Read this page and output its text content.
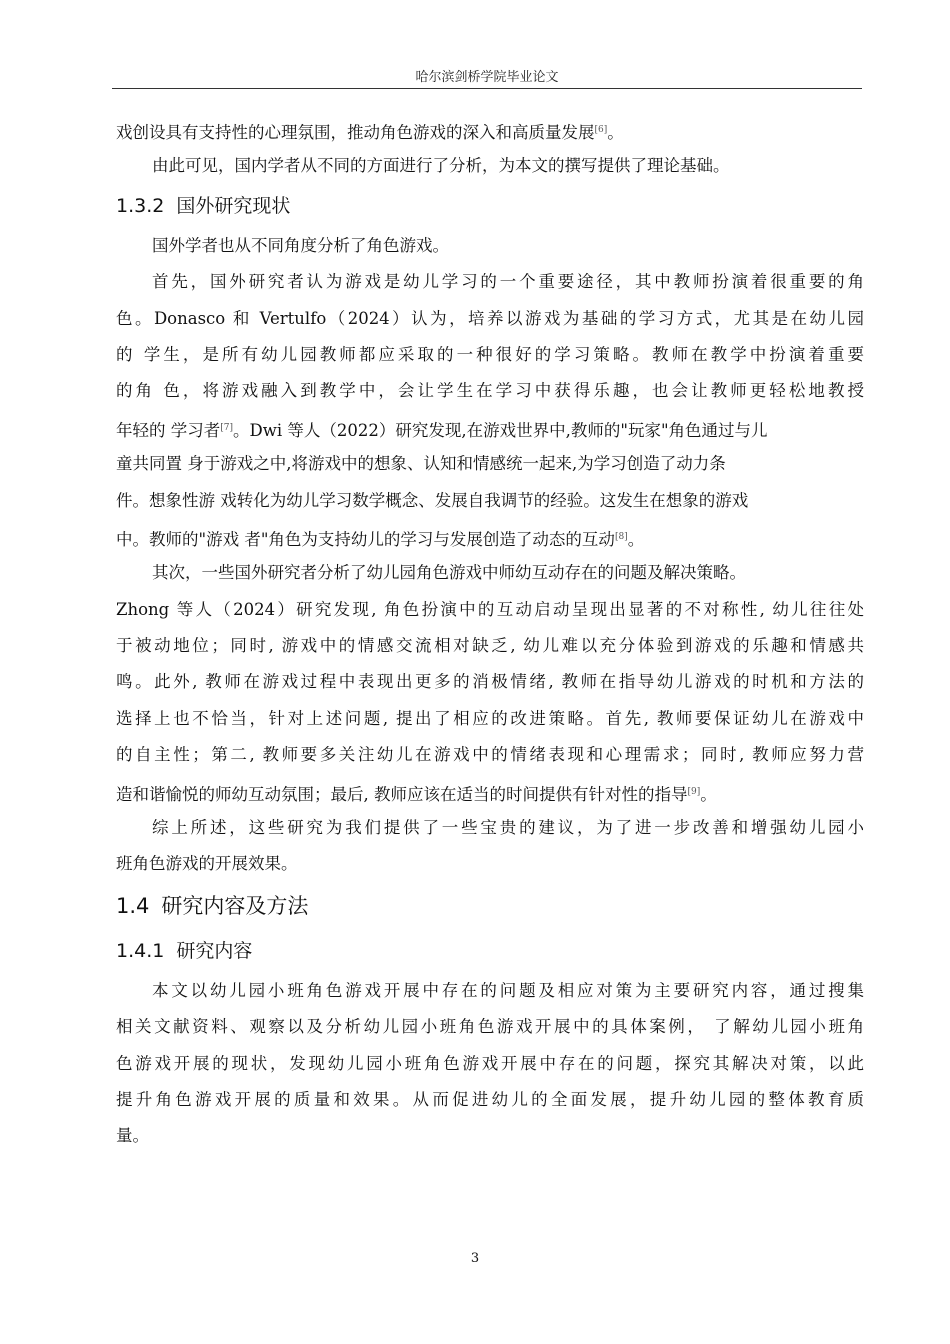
哈尔滨剑桥学院毕业论文
戏创设具有支持性的心理氛围，推动角色游戏的深入和高质量发展[6]。
由此可见，国内学者从不同的方面进行了分析，为本文的撰写提供了理论基础。
1.3.2 国外研究现状
国外学者也从不同角度分析了角色游戏。
首先，国外研究者认为游戏是幼儿学习的一个重要途径，其中教师扮演着很重要的角
色。Donasco 和 Vertulfo（2024）认为，培养以游戏为基础的学习方式，尤其是在幼儿园
的 学生，是所有幼儿园教师都应采取的一种很好的学习策略。教师在教学中扮演着重要
的角 色，将游戏融入到教学中，会让学生在学习中获得乐趣，也会让教师更轻松地教授
年轻的 学习者[7]。Dwi 等人（2022）研究发现,在游戏世界中,教师的"玩家"角色通过与儿
童共同置 身于游戏之中,将游戏中的想象、认知和情感统一起来,为学习创造了动力条
件。想象性游 戏转化为幼儿学习数学概念、发展自我调节的经验。这发生在想象的游戏
中。教师的"游戏 者"角色为支持幼儿的学习与发展创造了动态的互动[8]。
其次，一些国外研究者分析了幼儿园角色游戏中师幼互动存在的问题及解决策略。
Zhong 等人（2024）研究发现, 角色扮演中的互动启动呈现出显著的不对称性, 幼儿往往处
于被动地位；同时, 游戏中的情感交流相对缺乏, 幼儿难以充分体验到游戏的乐趣和情感共
鸣。此外, 教师在游戏过程中表现出更多的消极情绪, 教师在指导幼儿游戏的时机和方法的
选择上也不恰当，针对上述问题, 提出了相应的改进策略。首先, 教师要保证幼儿在游戏中
的自主性；第二, 教师要多关注幼儿在游戏中的情绪表现和心理需求；同时, 教师应努力营
造和谐愉悦的师幼互动氛围；最后, 教师应该在适当的时间提供有针对性的指导[9]。
综上所述，这些研究为我们提供了一些宝贵的建议，为了进一步改善和增强幼儿园小
班角色游戏的开展效果。
1.4 研究内容及方法
1.4.1 研究内容
本文以幼儿园小班角色游戏开展中存在的问题及相应对策为主要研究内容，通过搜集
相关文献资料、观察以及分析幼儿园小班角色游戏开展中的具体案例， 了解幼儿园小班角
色游戏开展的现状，发现幼儿园小班角色游戏开展中存在的问题，探究其解决对策，以此
提升角色游戏开展的质量和效果。从而促进幼儿的全面发展，提升幼儿园的整体教育质
量。
3
